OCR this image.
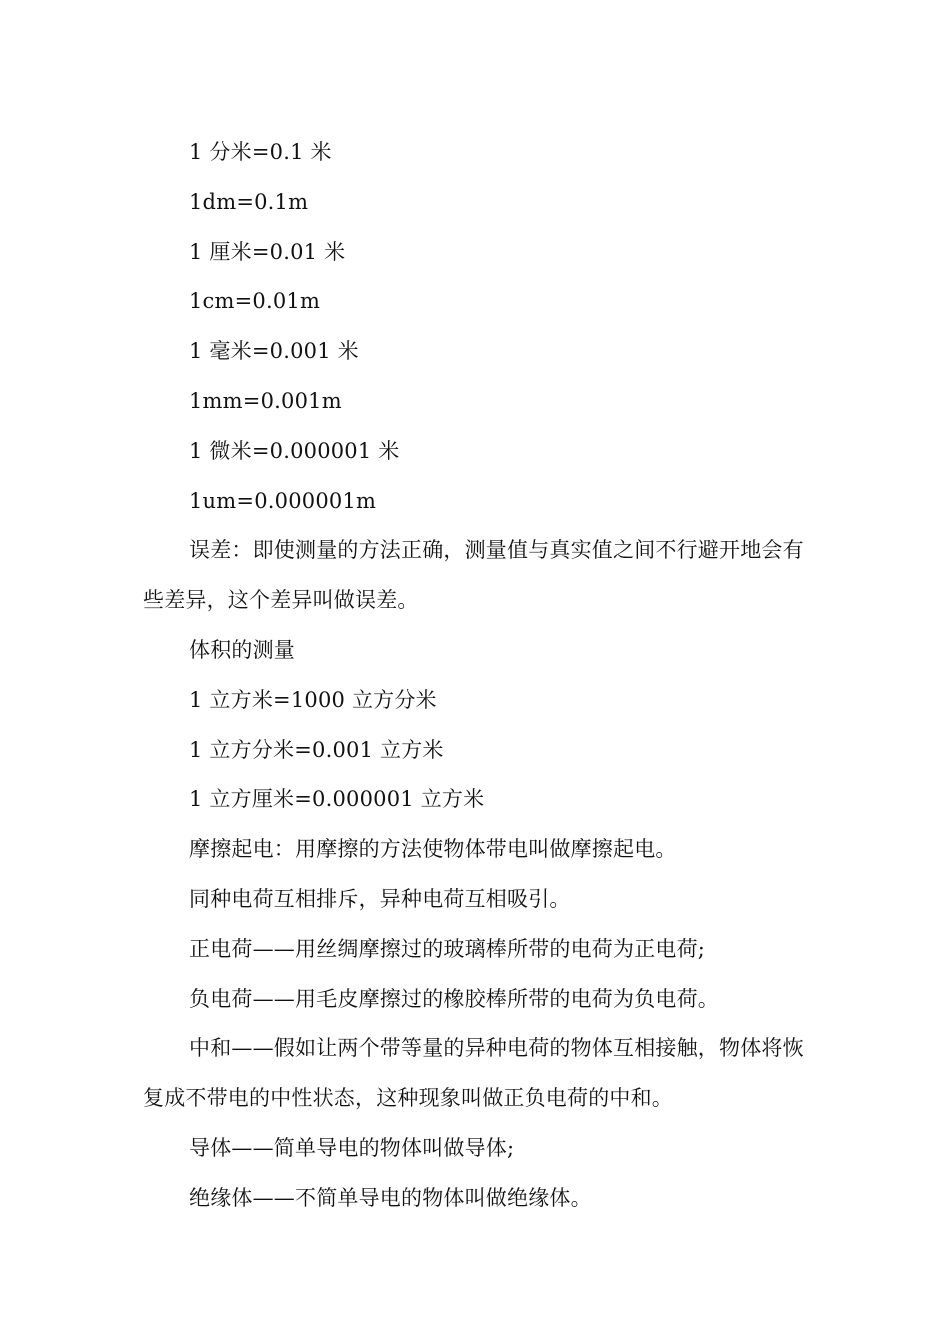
1 分米=0.1 米

1dm=0.1m

1 厘米=0.01 米

1cm=0.01m

1 毫米=0.001 米

1mm=0.001m

1 微米=0.000001 米

1um=0.000001m

误差：即使测量的方法正确，测量值与真实值之间不行避开地会有些差异，这个差异叫做误差。

体积的测量

1 立方米=1000 立方分米

1 立方分米=0.001 立方米

1 立方厘米=0.000001 立方米

摩擦起电：用摩擦的方法使物体带电叫做摩擦起电。

同种电荷互相排斥，异种电荷互相吸引。

正电荷——用丝绸摩擦过的玻璃棒所带的电荷为正电荷;

负电荷——用毛皮摩擦过的橡胶棒所带的电荷为负电荷。

中和——假如让两个带等量的异种电荷的物体互相接触，物体将恢复成不带电的中性状态，这种现象叫做正负电荷的中和。

导体——简单导电的物体叫做导体;

绝缘体——不简单导电的物体叫做绝缘体。
